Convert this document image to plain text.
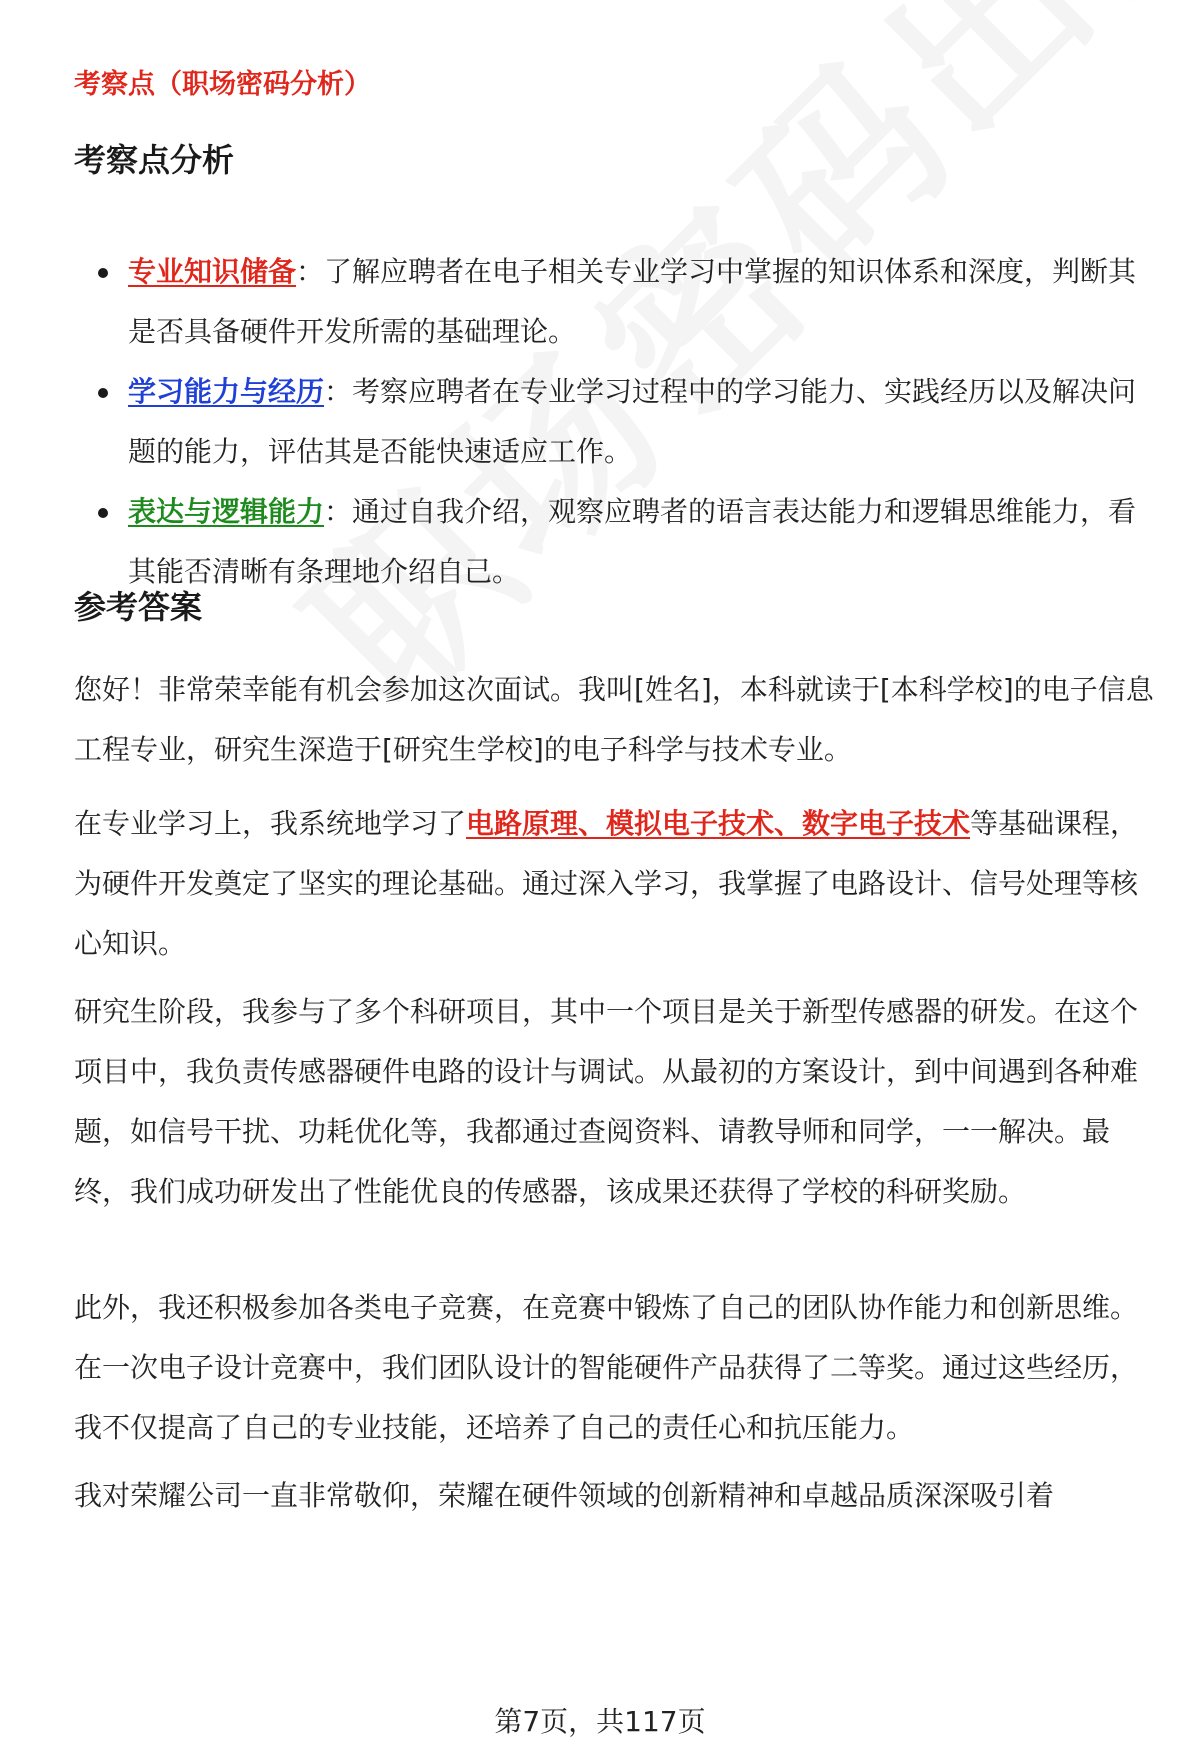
考察点（职场密码分析）
考察点分析
专业知识储备：了解应聘者在电子相关专业学习中掌握的知识体系和深度，判断其是否具备硬件开发所需的基础理论。
学习能力与经历：考察应聘者在专业学习过程中的学习能力、实践经历以及解决问题的能力，评估其是否能快速适应工作。
表达与逻辑能力：通过自我介绍，观察应聘者的语言表达能力和逻辑思维能力，看其能否清晰有条理地介绍自己。
参考答案

您好！非常荣幸能有机会参加这次面试。我叫[姓名]，本科就读于[本科学校]的电子信息工程专业，研究生深造于[研究生学校]的电子科学与技术专业。

在专业学习上，我系统地学习了电路原理、模拟电子技术、数字电子技术等基础课程，为硬件开发奠定了坚实的理论基础。通过深入学习，我掌握了电路设计、信号处理等核心知识。

研究生阶段，我参与了多个科研项目，其中一个项目是关于新型传感器的研发。在这个项目中，我负责传感器硬件电路的设计与调试。从最初的方案设计，到中间遇到各种难题，如信号干扰、功耗优化等，我都通过查阅资料、请教导师和同学，一一解决。最终，我们成功研发出了性能优良的传感器，该成果还获得了学校的科研奖励。

此外，我还积极参加各类电子竞赛，在竞赛中锻炼了自己的团队协作能力和创新思维。在一次电子设计竞赛中，我们团队设计的智能硬件产品获得了二等奖。通过这些经历，我不仅提高了自己的专业技能，还培养了自己的责任心和抗压能力。

我对荣耀公司一直非常敬仰，荣耀在硬件领域的创新精神和卓越品质深深吸引着

第7页，共117页
